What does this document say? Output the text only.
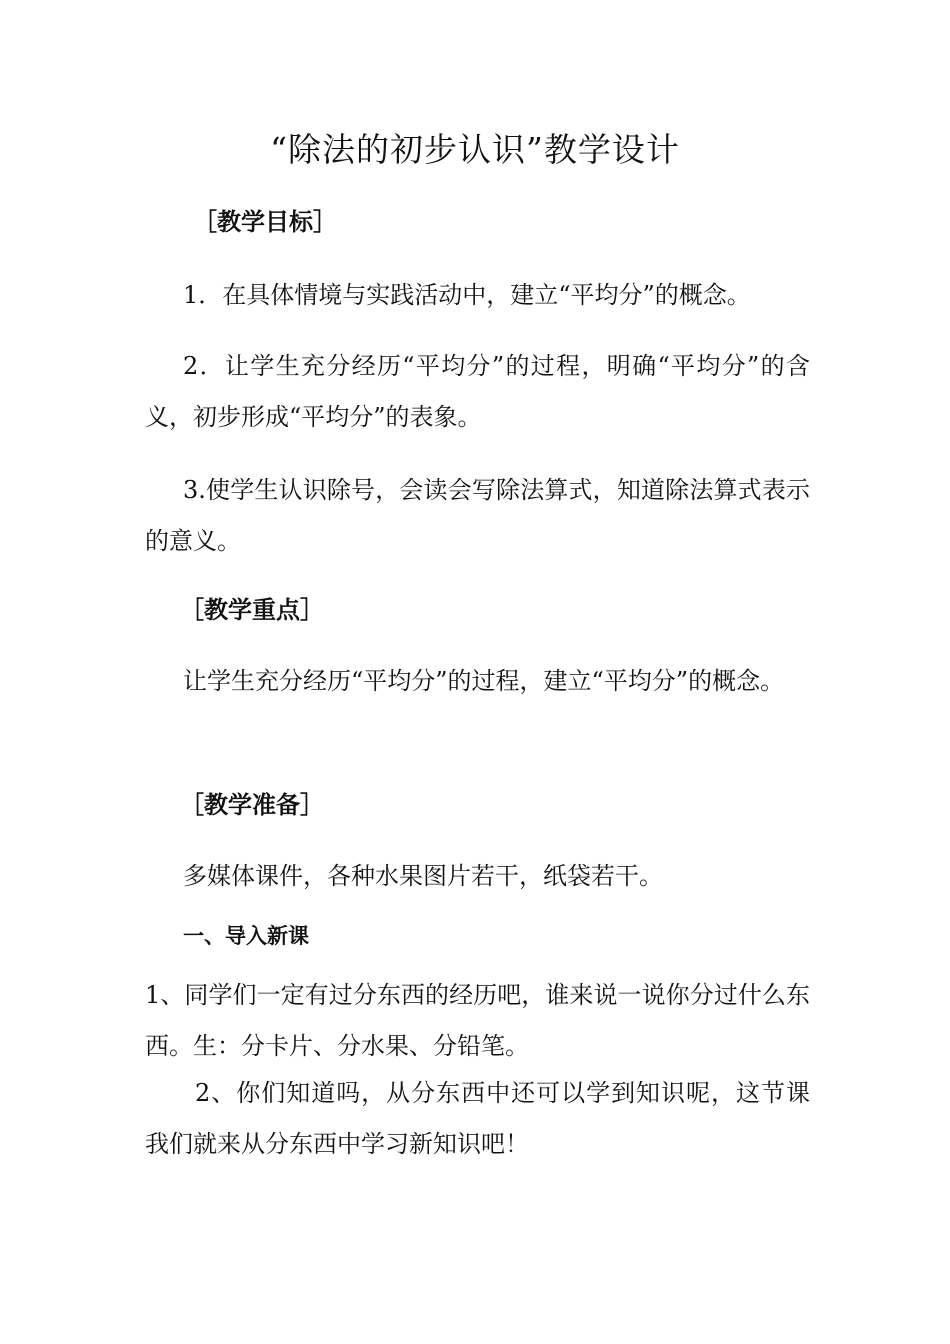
“除法的初步认识”教学设计
［教学目标］

1．在具体情境与实践活动中，建立“平均分”的概念。

2．让学生充分经历“平均分”的过程，明确“平均分”的含义，初步形成“平均分”的表象。

3.使学生认识除号，会读会写除法算式，知道除法算式表示的意义。

［教学重点］

让学生充分经历“平均分”的过程，建立“平均分”的概念。

［教学准备］

多媒体课件，各种水果图片若干，纸袋若干。

一、导入新课

1、同学们一定有过分东西的经历吧，谁来说一说你分过什么东西。生：分卡片、分水果、分铅笔。

2、你们知道吗，从分东西中还可以学到知识呢，这节课我们就来从分东西中学习新知识吧！
